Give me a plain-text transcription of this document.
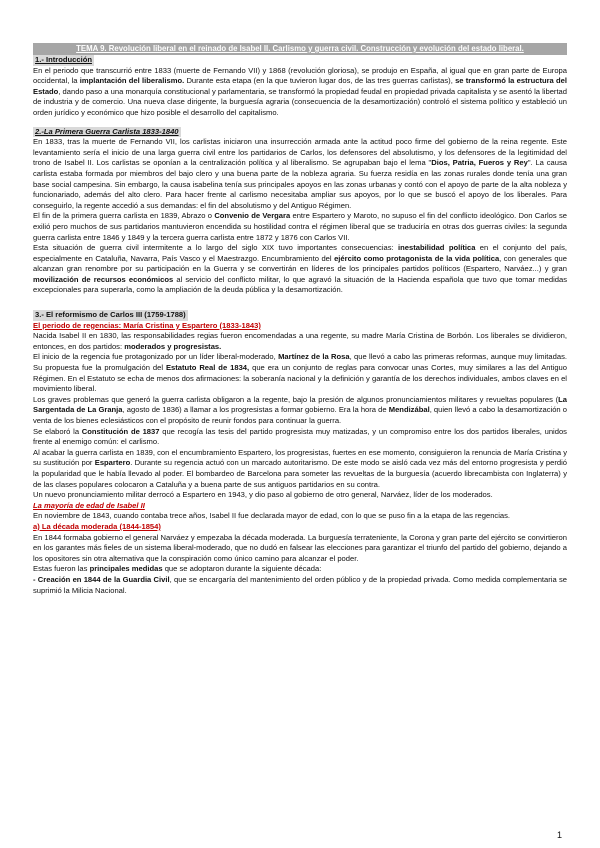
TEMA 9. Revolución liberal en el reinado de Isabel II. Carlismo y guerra civil. Construcción y evolución del estado liberal.
1.- Introducción

En el periodo que transcurrió entre 1833 (muerte de Fernando VII) y 1868 (revolución gloriosa), se produjo en España, al igual que en gran parte de Europa occidental, la implantación del liberalismo. Durante esta etapa (en la que tuvieron lugar dos, de las tres guerras carlistas), se transformó la estructura del Estado, dando paso a una monarquía constitucional y parlamentaria, se transformó la propiedad feudal en propiedad privada capitalista y se asentó la libertad de industria y de comercio. Una nueva clase dirigente, la burguesía agraria (consecuencia de la desamortización) controló el sistema político y estableció un orden jurídico y económico que hizo posible el desarrollo del capitalismo.

2.-La Primera Guerra Carlista 1833-1840

En 1833, tras la muerte de Fernando VII, los carlistas iniciaron una insurrección armada ante la actitud poco firme del gobierno de la reina regente. Este levantamiento sería el inicio de una larga guerra civil entre los partidarios de Carlos, los defensores del absolutismo, y los defensores de la legitimidad del trono de Isabel II. Los carlistas se oponían a la centralización política y al liberalismo. Se agrupaban bajo el lema "Dios, Patria, Fueros y Rey". La causa carlista estaba formada por miembros del bajo clero y una buena parte de la nobleza agraria. Su fuerza residía en las zonas rurales donde tenía una gran base social campesina. Sin embargo, la causa isabelina tenía sus principales apoyos en las zonas urbanas y contó con el apoyo de parte de la alta nobleza y funcionariado, además del alto clero. Para hacer frente al carlismo necesitaba ampliar sus apoyos, por lo que se buscó el apoyo de los liberales. Para conseguirlo, la regente accedió a sus demandas: el fin del absolutismo y del Antiguo Régimen.

El fin de la primera guerra carlista en 1839, Abrazo o Convenio de Vergara entre Espartero y Maroto, no supuso el fin del conflicto ideológico. Don Carlos se exilió pero muchos de sus partidarios mantuvieron encendida su hostilidad contra el régimen liberal que se traduciría en otras dos guerras civiles: la segunda guerra carlista entre 1846 y 1849 y la tercera guerra carlista entre 1872 y 1876 con Carlos VII.

Esta situación de guerra civil intermitente a lo largo del siglo XIX tuvo importantes consecuencias: inestabilidad política en el conjunto del país, especialmente en Cataluña, Navarra, País Vasco y el Maestrazgo. Encumbramiento del ejército como protagonista de la vida política, con generales que alcanzan gran renombre por su participación en la Guerra y se convertirán en líderes de los principales partidos políticos (Espartero, Narváez...) y gran movilización de recursos económicos al servicio del conflicto militar, lo que agravó la situación de la Hacienda española que tuvo que tomar medidas excepcionales para superarla, como la ampliación de la deuda pública y la desamortización.

3.- El reformismo de Carlos III (1759-1788)
El periodo de regencias: María Cristina y Espartero (1833-1843)

Nacida Isabel II en 1830, las responsabilidades regias fueron encomendadas a una regente, su madre María Cristina de Borbón. Los liberales se dividieron, entonces, en dos partidos: moderados y progresistas.

El inicio de la regencia fue protagonizado por un líder liberal-moderado, Martínez de la Rosa, que llevó a cabo las primeras reformas, aunque muy limitadas. Su propuesta fue la promulgación del Estatuto Real de 1834, que era un conjunto de reglas para convocar unas Cortes, muy similares a las del Antiguo Régimen. En el Estatuto se echa de menos dos afirmaciones: la soberanía nacional y la definición y garantía de los derechos individuales, ambos claves en el movimiento liberal.

Los graves problemas que generó la guerra carlista obligaron a la regente, bajo la presión de algunos pronunciamientos militares y revueltas populares (La Sargentada de La Granja, agosto de 1836) a llamar a los progresistas a formar gobierno. Era la hora de Mendizábal, quien llevó a cabo la desamortización o venta de los bienes eclesiásticos con el propósito de reunir fondos para continuar la guerra.

Se elaboró la Constitución de 1837 que recogía las tesis del partido progresista muy matizadas, y un compromiso entre los dos partidos liberales, unidos frente al enemigo común: el carlismo.

Al acabar la guerra carlista en 1839, con el encumbramiento Espartero, los progresistas, fuertes en ese momento, consiguieron la renuncia de María Cristina y su sustitución por Espartero. Durante su regencia actuó con un marcado autoritarismo. De este modo se aisló cada vez más del entorno progresista y perdió la popularidad que le había llevado al poder. El bombardeo de Barcelona para someter las revueltas de la burguesía (acuerdo librecambista con Inglaterra) y de las clases populares colocaron a Cataluña y a buena parte de sus antiguos partidarios en su contra.

Un nuevo pronunciamiento militar derrocó a Espartero en 1943, y dio paso al gobierno de otro general, Narváez, líder de los moderados.

La mayoría de edad de Isabel II

En noviembre de 1843, cuando contaba trece años, Isabel II fue declarada mayor de edad, con lo que se puso fin a la etapa de las regencias.

a) La década moderada (1844-1854)

En 1844 formaba gobierno el general Narváez y empezaba la década moderada. La burguesía terrateniente, la Corona y gran parte del ejército se convirtieron en los garantes más fieles de un sistema liberal-moderado, que no dudó en falsear las elecciones para garantizar el triunfo del partido del gobierno, dejando a los opositores sin otra alternativa que la conspiración como único camino para alcanzar el poder.

Estas fueron las principales medidas que se adoptaron durante la siguiente década:

- Creación en 1844 de la Guardia Civil, que se encargaría del mantenimiento del orden público y de la propiedad privada. Como medida complementaria se suprimió la Milicia Nacional.

1
